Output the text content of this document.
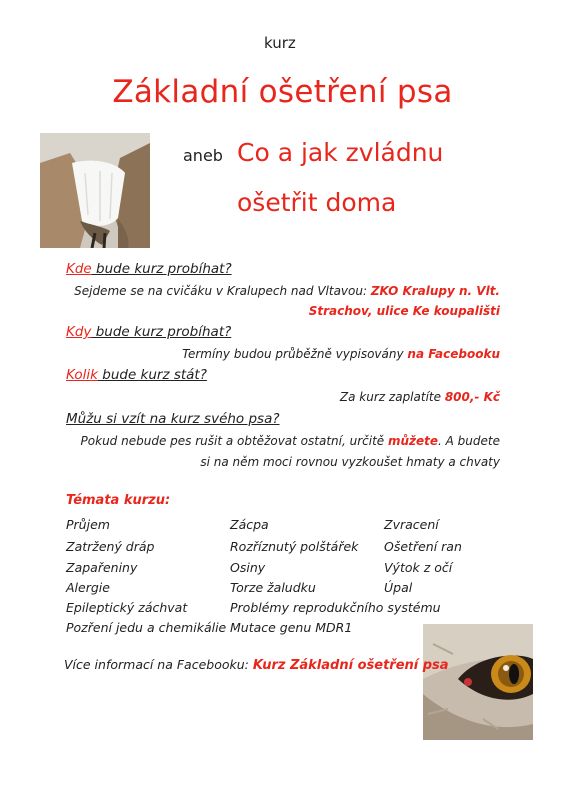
kurz
Základní ošetření psa
aneb Co a jak zvládnu
ošetřit doma
Kde bude kurz probíhat?
Sejdeme se na cvičáku v Kralupech nad Vltavou: ZKO Kralupy n. Vlt.
Strachov, ulice Ke koupališti
Kdy bude kurz probíhat?
Termíny budou průběžně vypisovány na Facebooku
Kolik bude kurz stát?
Za kurz zaplatíte 800,- Kč
Můžu si vzít na kurz svého psa?
Pokud nebude pes rušit a obtěžovat ostatní, určitě můžete. A budete
si na něm moci rovnou vyzkoušet hmaty a chvaty
Témata kurzu:
Průjem
Zatržený dráp
Zapařeniny
Alergie
Epileptický záchvat
Pozření jedu a chemikálie
Zácpa
Rozříznutý polštářek
Osiny
Torze žaludku
Problémy reprodukčního systému
Mutace genu MDR1
Zvracení
Ošetření ran
Výtok z očí
Úpal
Více informací na Facebooku: Kurz Základní ošetření psa
